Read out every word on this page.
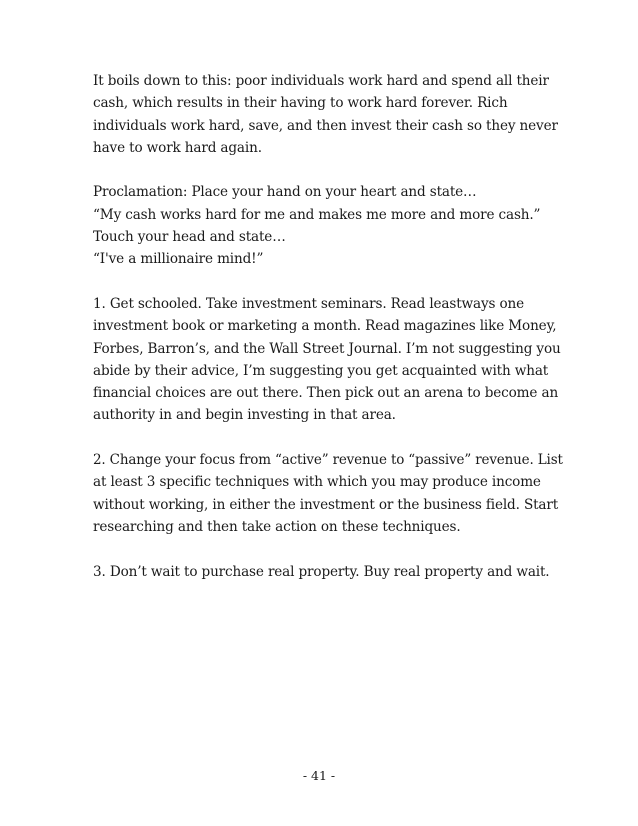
It boils down to this: poor individuals work hard and spend all their
cash, which results in their having to work hard forever. Rich
individuals work hard, save, and then invest their cash so they never
have to work hard again.
Proclamation: Place your hand on your heart and state…
“My cash works hard for me and makes me more and more cash.”
Touch your head and state…
“I've a millionaire mind!”
1. Get schooled. Take investment seminars. Read leastways one
investment book or marketing a month. Read magazines like Money,
Forbes, Barron’s, and the Wall Street Journal. I’m not suggesting you
abide by their advice, I’m suggesting you get acquainted with what
financial choices are out there. Then pick out an arena to become an
authority in and begin investing in that area.
2. Change your focus from “active” revenue to “passive” revenue. List
at least 3 specific techniques with which you may produce income
without working, in either the investment or the business field. Start
researching and then take action on these techniques.
3. Don’t wait to purchase real property. Buy real property and wait.
- 41 -
